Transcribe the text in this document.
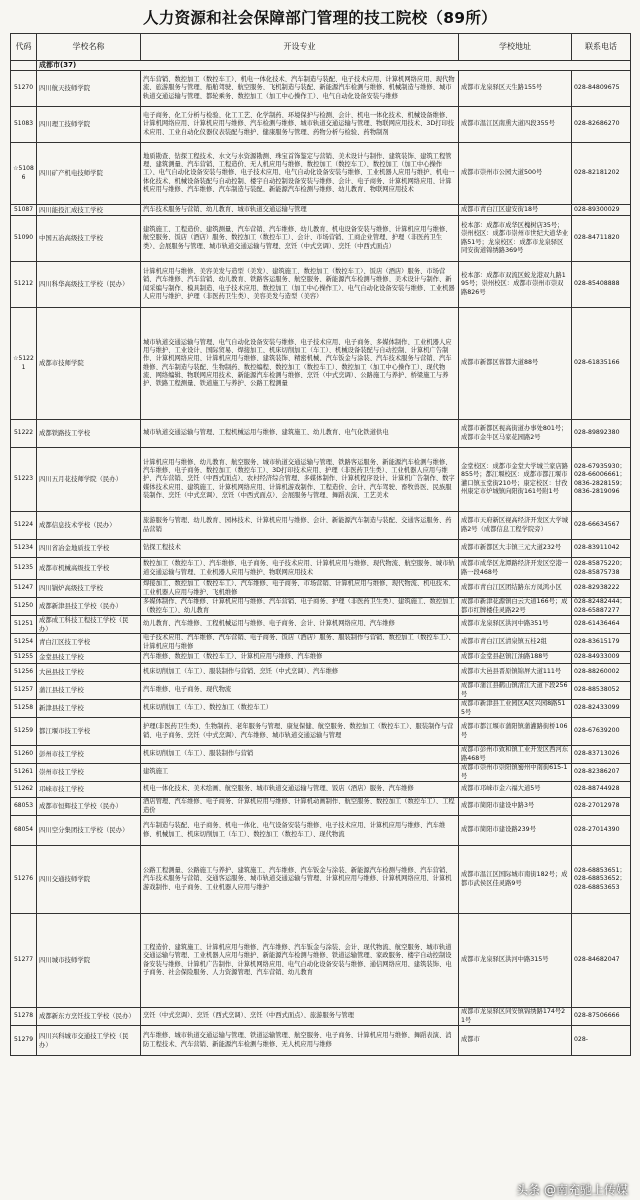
人力资源和社会保障部门管理的技工院校（89所）
代码	学校名称	开设专业	学校地址	联系电话
	成都市(37)			
51270	四川航天技师学院	汽车营销、数控加工（数控车工）、机电一体化技术、汽车制造与装配、电子技术应用、计算机网络应用、现代物流、旅游服务与管理、船舶驾驶、航空服务、飞机制造与装配、新能源汽车检测与维修、机械制造与维修、城市轨道交通运输与管理、都轮乘务、数控加工（加工中心操作工）、电气自动化设备安装与维修	成都市龙泉驿区天生路155号	028-84809675
51083	四川理工技师学院	电子商务、化工分析与检验、化工工艺、化学制药、环境保护与检测、会计、机电一体化技术、机械设备维修、计算机网络应用、计算机应用与维修、汽车检测与维修、城市轨道交通运输与管理、物联网应用技术、3D打印技术应用、工业自动化仪器仪表装配与维护、健康服务与管理、药物分析与检验、药物制剂	成都市温江区南熏大道四段355号	028-82686270
☆51086	四川矿产机电技师学院	地质勘查、钻探工程技术、水文与水资源勘测、珠宝首饰鉴定与营销、美术设计与制作、建筑装饰、建筑工程管理、建筑测量、汽车营销、工程造价、无人机应用与维修、数控加工（数控车工）、数控加工（加工中心操作工）、电气自动化设备安装与维修、电子技术应用、电气自动化设备安装与维修、工业机器人应用与维护、机电一体化技术、机械设备装配与自动控制、楼宇自动控制设备安装与维修、会计、电子商务、计算机网络应用、计算机应用与维修、汽车维修、汽车制造与装配、新能源汽车检测与维修、幼儿教育、物联网应用技术	成都市崇州市公园大道500号	028-82181202
51087	四川能投汇成技工学校	汽车技术服务与营销、幼儿教育、城市轨道交通运输与管理	成都市青白江区建安街18号	028-89300029
51090	中国五冶高级技工学校	建筑施工、工程造价、建筑测量、汽车营销、汽车维修、幼儿教育、机电设备安装与维修、计算机应用与维修、航空服务、饭店（酒店）服务、数控加工（数控车工）、会计、市场营销、工商企业管理、护理（非医药卫生类）、会展服务与管理、城市轨道交通运输与管理、烹饪（中式烹调）、烹饪（中西式面点）	校本部：成都市成华区槐树店35号；崇州校区：成都市崇州市世纪大道华业路51号；龙泉校区：成都市龙泉驿区同安街道锦绣路369号	028-84711820
51212	四川科华高级技工学校（民办）	计算机应用与维修、美容美发与造型（美发）、建筑施工、数控加工（数控车工）、饭店（酒店）服务、市场营销、汽车维修、汽车营销、幼儿教育、铁路客运服务、航空服务、新能源汽车检测与维修、美术设计与制作、新闻采编与制作、模具制造、电子技术应用、数控加工（加工中心操作工）、电气自动化设备安装与维修、工业机器人应用与维护、护理（非医药卫生类）、美容美发与造型（美容）	校本部：成都市双流区蛟龙港双九路195号；崇州校区：成都市崇州市崇双路826号	028-85408888
☆51221	成都市技师学院	城市轨道交通运输与管理、电气自动化设备安装与维修、电子技术应用、电子商务、多媒体制作、工业机器人应用与维护、工业设计、国际贸易、焊接加工、机床切削加工（车工）、机械设备装配与自动控制、计算机广告制作、计算机网络应用、计算机应用与维修、建筑装饰、精密机械、汽车钣金与涂装、汽车技术服务与营销、汽车维修、汽车制造与装配、生物制药、数控编程、数控加工（数控车工）、数控加工（加工中心操作工）、现代物流、网络编辑、物联网应用技术、新能源汽车检测与维修、烹饪（中式烹调）、公路施工与养护、桥梁施工与养护、铁路工程测量、铁道施工与养护、公路工程测量	成都市新都区蓉都大道88号	028-61835166
51222	成都铁路技工学校	城市轨道交通运输与管理、工程机械运用与维修、建筑施工、幼儿教育、电气化铁道供电	成都市新都区视高街道办事处801号；成都市金牛区马家花园路2号	028-89892380
51223	四川五月花技师学院（民办）	计算机应用与维修、幼儿教育、航空服务、城市轨道交通运输与管理、铁路客运服务、新能源汽车检测与维修、汽车维修、电子商务、数控加工（数控车工）、3D打印技术应用、护理（非医药卫生类）、工业机器人应用与维护、汽车营销、烹饪（中西式面点）、农村经济综合管理、多媒体制作、计算机程序设计、计算机广告制作、数字媒体技术应用、建筑施工、计算机网络应用、计算机游戏制作、工程造价、会计、汽车驾驶、畜牧兽医、民族服装制作、烹饪（中式烹调）、烹饪（中西式面点）、会展服务与管理、舞蹈表演、工艺美术	金堂校区：成都市金堂大学城兰家店路855号；都江堰校区：成都市都江堰市灌口镇玉堂街210号；康定校区：甘孜州康定市炉城镇向阳街161号附1号	028-67935930；028-66006661；0836-2828159；0836-2819096
51224	成都信息技术学校（民办）	旅游服务与管理、幼儿教育、园林技术、计算机应用与维修、会计、新能源汽车制造与装配、交通客运服务、药品营销	成都市天府新区视高经济开发区大学城路2号（成都信息工程学院旁）	028-66634567
51234	四川省冶金地质技工学校	钻探工程技术	成都市新都区大丰镇三元大道232号	028-83911042
51235	成都市机械高级技工学校	数控加工（数控车工）、汽车维修、电子商务、电子技术应用、计算机应用与维修、现代物流、航空服务、城市轨道交通运输与管理、工业机器人应用与维护、物联网应用技术	成都市成华区龙潭路经济开发区空港一路一段468号	028-85875220；028-85875738
51247	四川锅炉高级技工学校	焊接加工、数控加工（数控车工）、汽车维修、电子商务、市场营销、计算机应用与维修、现代物流、机电技术、工业机器人应用与维护、飞机维修	成都市青白江区团结路东方凤鸿小区	028-82938222
51250	成都新津县技工学校（民办）	多媒体制作、汽车维修、计算机应用与维修、汽车营销、电子商务、护理（非医药卫生类）、建筑施工、数控加工（数控车工）、幼儿教育	成都市新津花源镇白云大道166号；成都市红牌楼佳灵路22号	028-82482444；028-65887277
51251	成都成工科技工程技工学校（民办）	幼儿教育、汽车维修、工程机械运用与维修、电子商务、会计、计算机网络应用、汽车维修	成都市龙泉驿区洪河中路351号	028-61436464
51254	青白江区技工学校	电子技术应用、汽车维修、汽车营销、电子商务、饭店（酒店）服务、服装制作与营销、数控加工（数控车工）、计算机应用与维修	成都市青白江区清泉镇五桂2组	028-83615179
51255	金堂县技工学校	汽车维修、数控加工（数控车工）、计算机应用与维修、汽车维修	成都市金堂县赵镇江油路188号	028-84933009
51256	大邑县技工学校	机床切削加工（车工）、服装制作与营销、烹饪（中式烹调）、汽车维修	成都市大邑县晋原镇锦屏大道111号	028-88260002
51257	蒲江县技工学校	汽车维修、电子商务、现代物流	成都市蒲江县鹤山镇清江大道下段256号	028-88538052
51258	新津县技工学校	机床切削加工（车工）、数控加工（数控车工）	成都市新津县工业园区A区兴园8路515号	028-82433099
51259	都江堰市技工学校	护理(非医药卫生类)、生物制药、老年服务与管理、康复保健、航空服务、数控加工（数控车工）、服装制作与营销、电子商务、烹饪（中式烹调）、汽车维修、城市轨道交通运输与管理	成都市都江堰市蒲阳镇蒲灌路街桥106号	028-67639200
51260	彭州市技工学校	机床切削加工（车工）、服装制作与营销	成都市彭州市致和镇工业开发区西河东路468号	028-83713026
51261	崇州市技工学校	建筑施工	成都市崇州市崇阳镇蜀州中南街615-1号	028-82386207
51262	邛崃市技工学校	机电一体化技术、美术绘画、航空服务、城市轨道交通运输与管理、饭店（酒店）服务、汽车维修	成都市邛崃市金六福大道5号	028-88744928
68053	成都市恒辉技工学校（民办）	酒店管理、汽车维修、电子商务、计算机应用与维修、计算机动画制作、航空服务、数控加工（数控车工）、工程造价	成都市简阳市建设中路3号	028-27012978
68054	四川空分集团技工学校（民办）	汽车制造与装配、电子商务、机电一体化、电气设备安装与维修、电子技术应用、计算机应用与维修、汽车维修、机械加工、机床切削加工（车工）、数控加工（数控车工）、现代物流	成都市简阳市建设路239号	028-27014390
51276	四川交通技师学院	公路工程测量、公路施工与养护、建筑施工、汽车维修、汽车钣金与涂装、新能源汽车检测与维修、汽车营销、汽车技术服务与营销、交通客运服务、城市轨道交通运输与管理、计算机应用与维修、计算机网络应用、计算机游戏制作、电子商务、工业机器人应用与维护	成都市温江区国际城市南街182号；成都市武侯区佳灵路9号	028-68853651；028-68853652；028-68853653
51277	四川城市技师学院	工程造价、建筑施工、计算机应用与维修、汽车维修、汽车钣金与涂装、会计、现代物流、航空服务、城市轨道交通运输与管理、工业机器人应用与维护、新能源汽车检测与维修、铁道运输管理、家政服务、楼宇自动控制设备安装与维修、计算机广告制作、计算机网络应用、电气自动化设备安装与维修、通信网络应用、建筑装饰、电子商务、社会保险服务、人力资源管理、汽车营销、幼儿教育	成都市龙泉驿区洪河中路315号	028-84682047
51278	成都新东方烹饪技工学校（民办）	烹饪（中式烹调）、烹饪（西式烹调）、烹饪（中西式面点）、旅游服务与管理	成都市龙泉驿区同安镇锦绣路174号21号	028-87506666
51279	四川兴科城市交通技工学校（民办）	汽车维修、城市轨道交通运输与管理、铁道运输管理、航空服务、电子商务、计算机应用与维修、舞蹈表演、消防工程技术、汽车营销、新能源汽车检测与维修、无人机应用与维修	成都市	028-
头条 @南充驰上传媒
